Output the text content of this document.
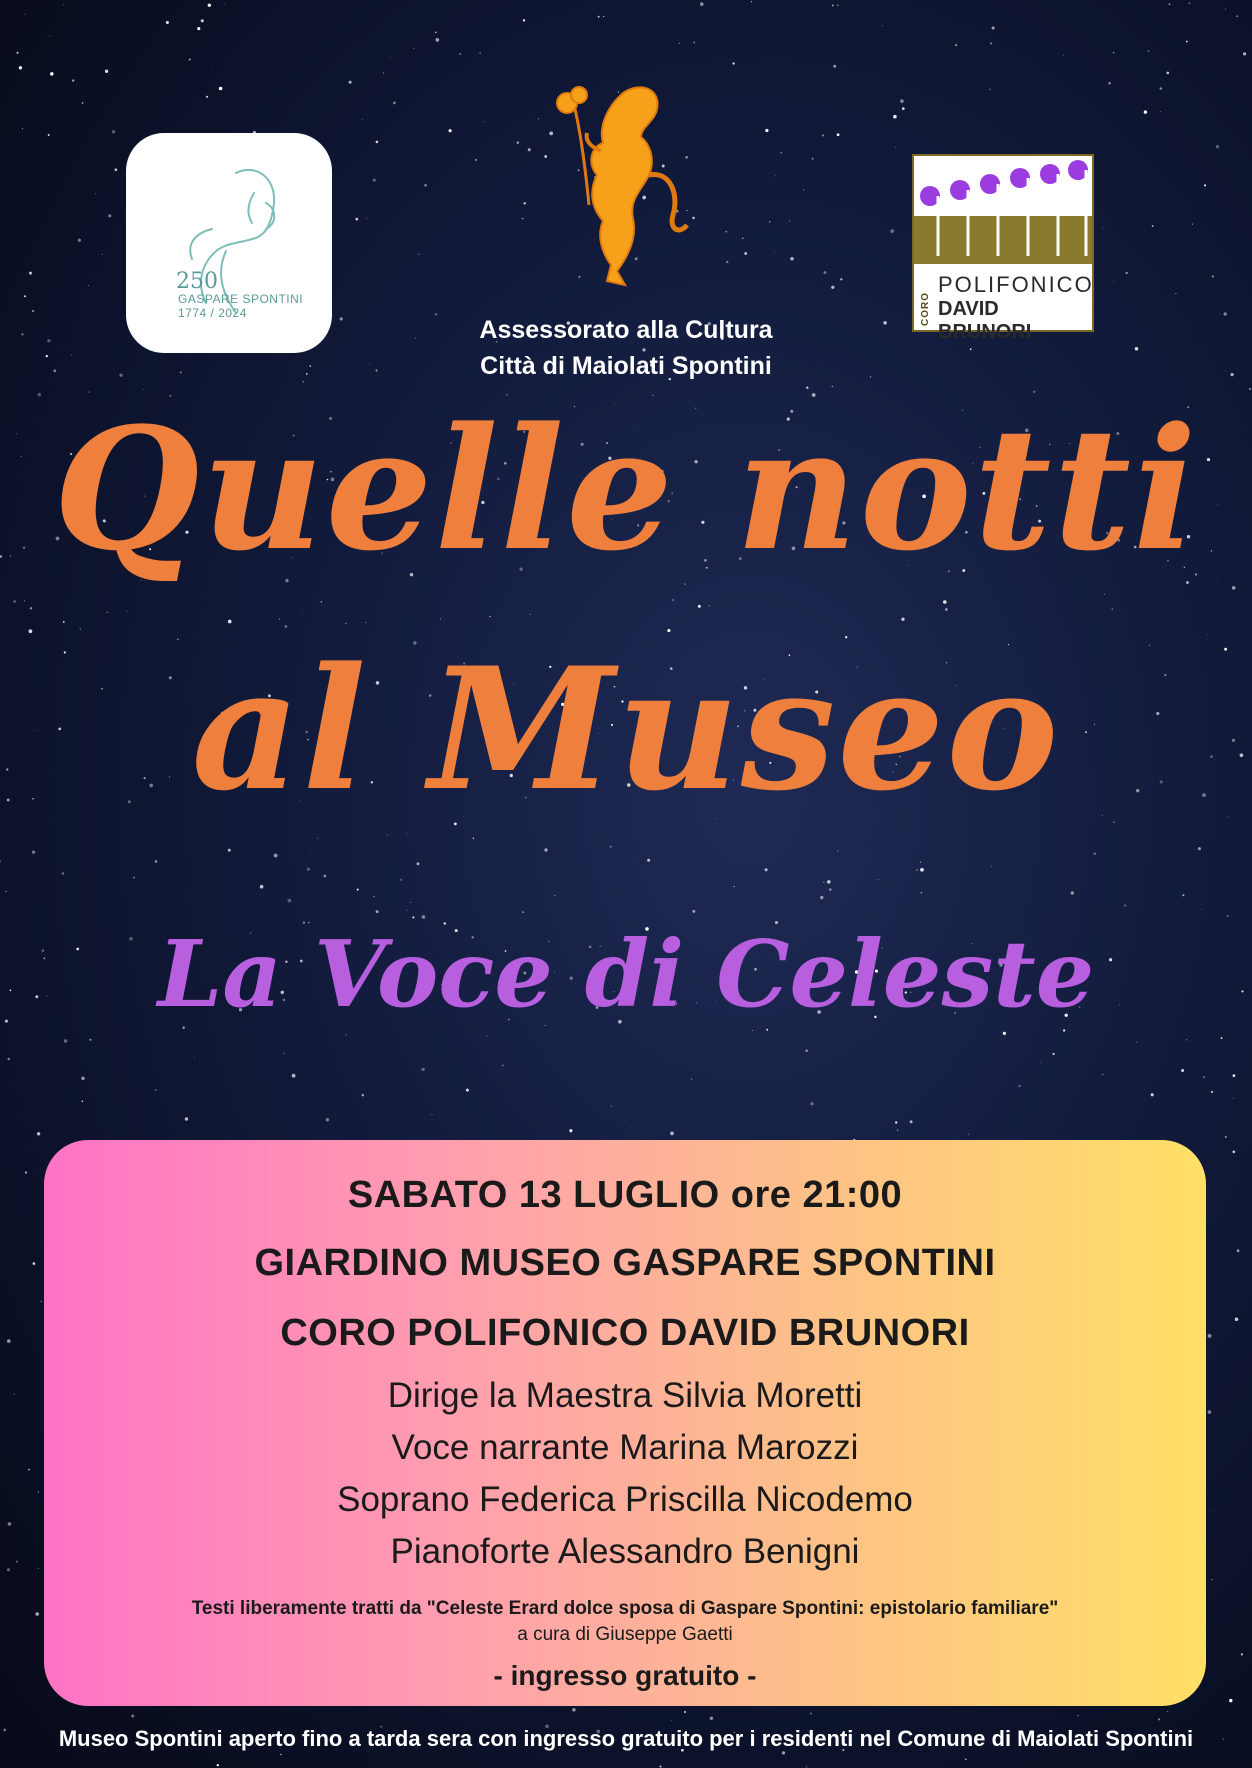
250
GASPARE SPONTINI
1774 / 2024	CORO
POLIFONICO
DAVID BRUNORI
Assessorato alla Cultura
Città di Maiolati Spontini
Quelle notti
al Museo
La Voce di Celeste
SABATO 13 LUGLIO ore 21:00
GIARDINO MUSEO GASPARE SPONTINI
CORO POLIFONICO DAVID BRUNORI
Dirige la Maestra Silvia Moretti
Voce narrante Marina Marozzi
Soprano Federica Priscilla Nicodemo
Pianoforte Alessandro Benigni
Testi liberamente tratti da "Celeste Erard dolce sposa di Gaspare Spontini: epistolario familiare"
a cura di Giuseppe Gaetti
- ingresso gratuito -
Museo Spontini aperto fino a tarda sera con ingresso gratuito per i residenti nel Comune di Maiolati Spontini
